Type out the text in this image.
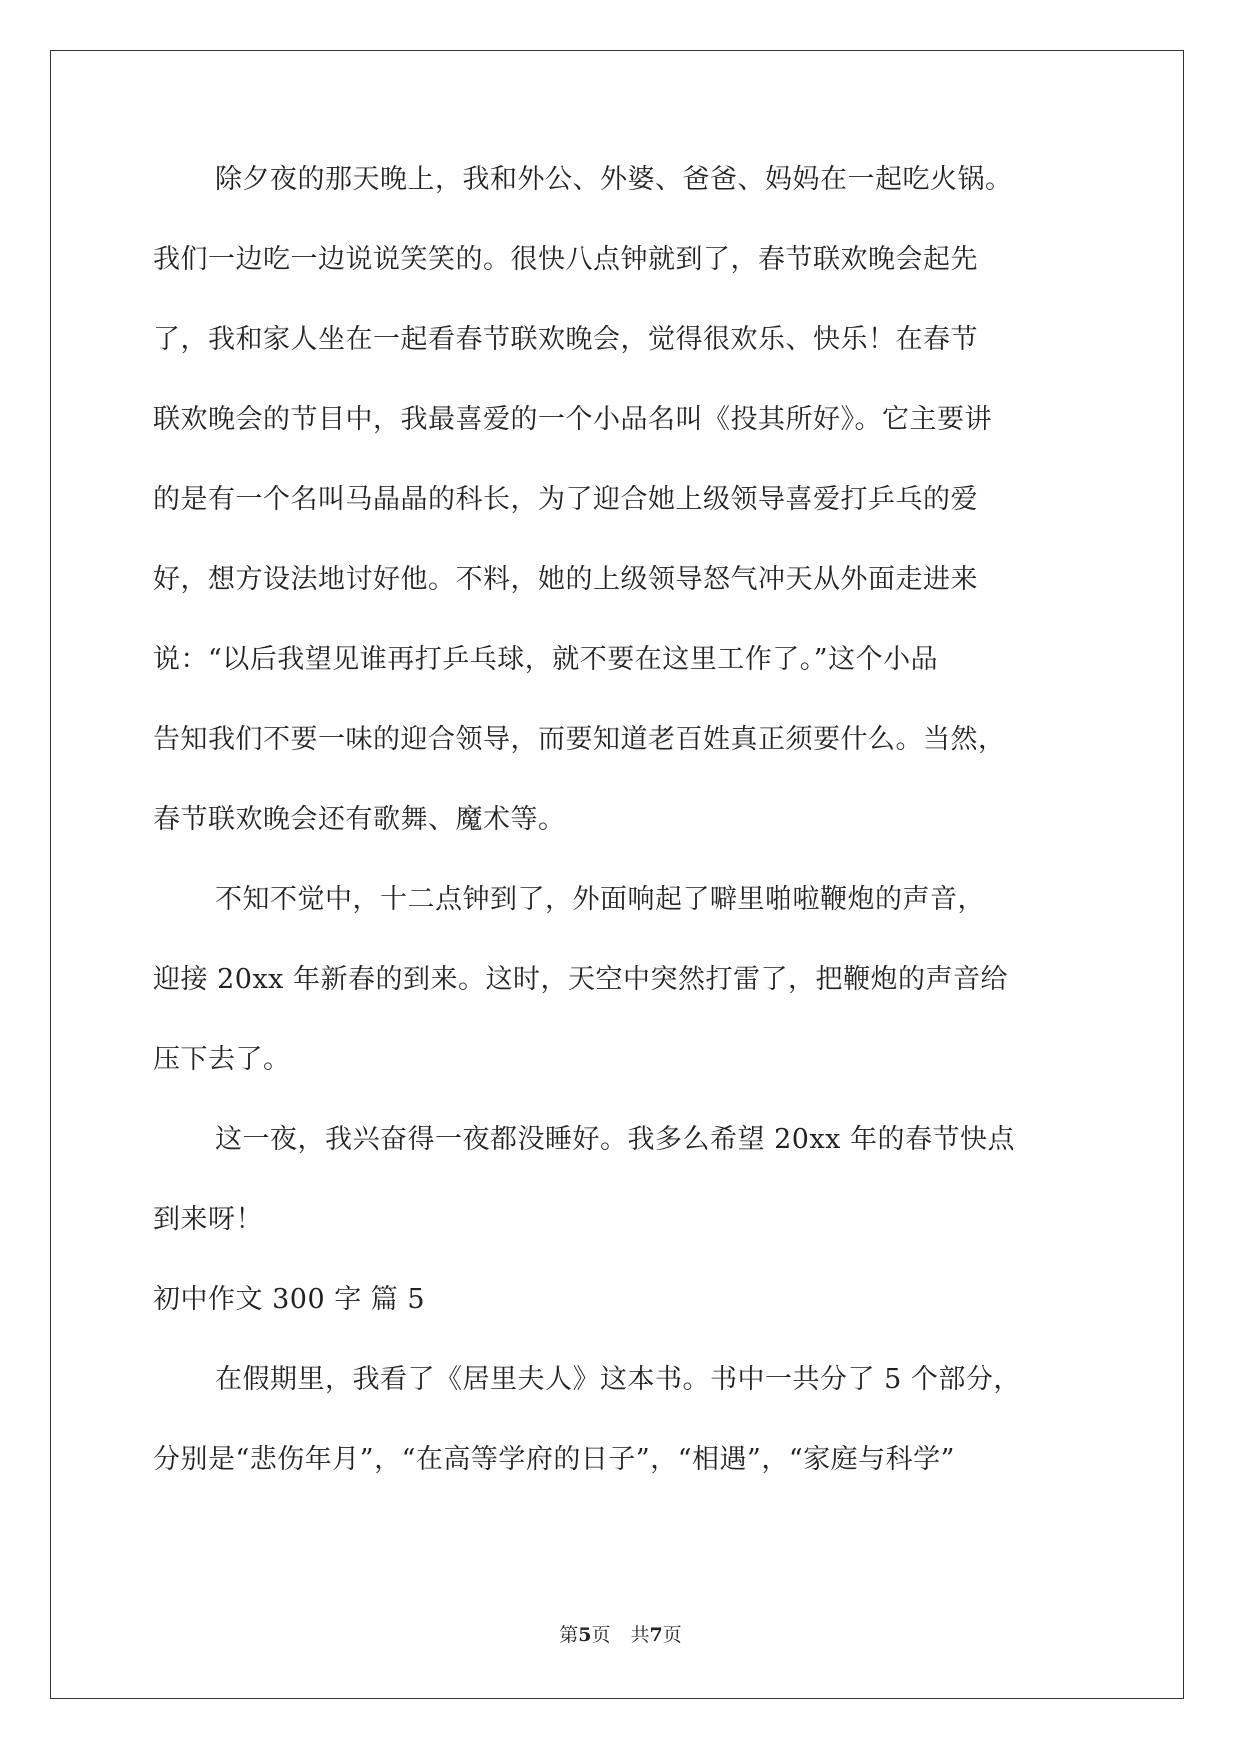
除夕夜的那天晚上，我和外公、外婆、爸爸、妈妈在一起吃火锅。
我们一边吃一边说说笑笑的。很快八点钟就到了，春节联欢晚会起先
了，我和家人坐在一起看春节联欢晚会，觉得很欢乐、快乐！在春节
联欢晚会的节目中，我最喜爱的一个小品名叫《投其所好》。它主要讲
的是有一个名叫马晶晶的科长，为了迎合她上级领导喜爱打乒乓的爱
好，想方设法地讨好他。不料，她的上级领导怒气冲天从外面走进来
说：“以后我望见谁再打乒乓球，就不要在这里工作了。”这个小品
告知我们不要一味的迎合领导，而要知道老百姓真正须要什么。当然，
春节联欢晚会还有歌舞、魔术等。
不知不觉中，十二点钟到了，外面响起了噼里啪啦鞭炮的声音，
迎接 20xx 年新春的到来。这时，天空中突然打雷了，把鞭炮的声音给
压下去了。
这一夜，我兴奋得一夜都没睡好。我多么希望 20xx 年的春节快点
到来呀！
初中作文 300 字 篇 5
在假期里，我看了《居里夫人》这本书。书中一共分了 5 个部分，
分别是“悲伤年月”，“在高等学府的日子”，“相遇”，“家庭与科学”
第5页 共7页
